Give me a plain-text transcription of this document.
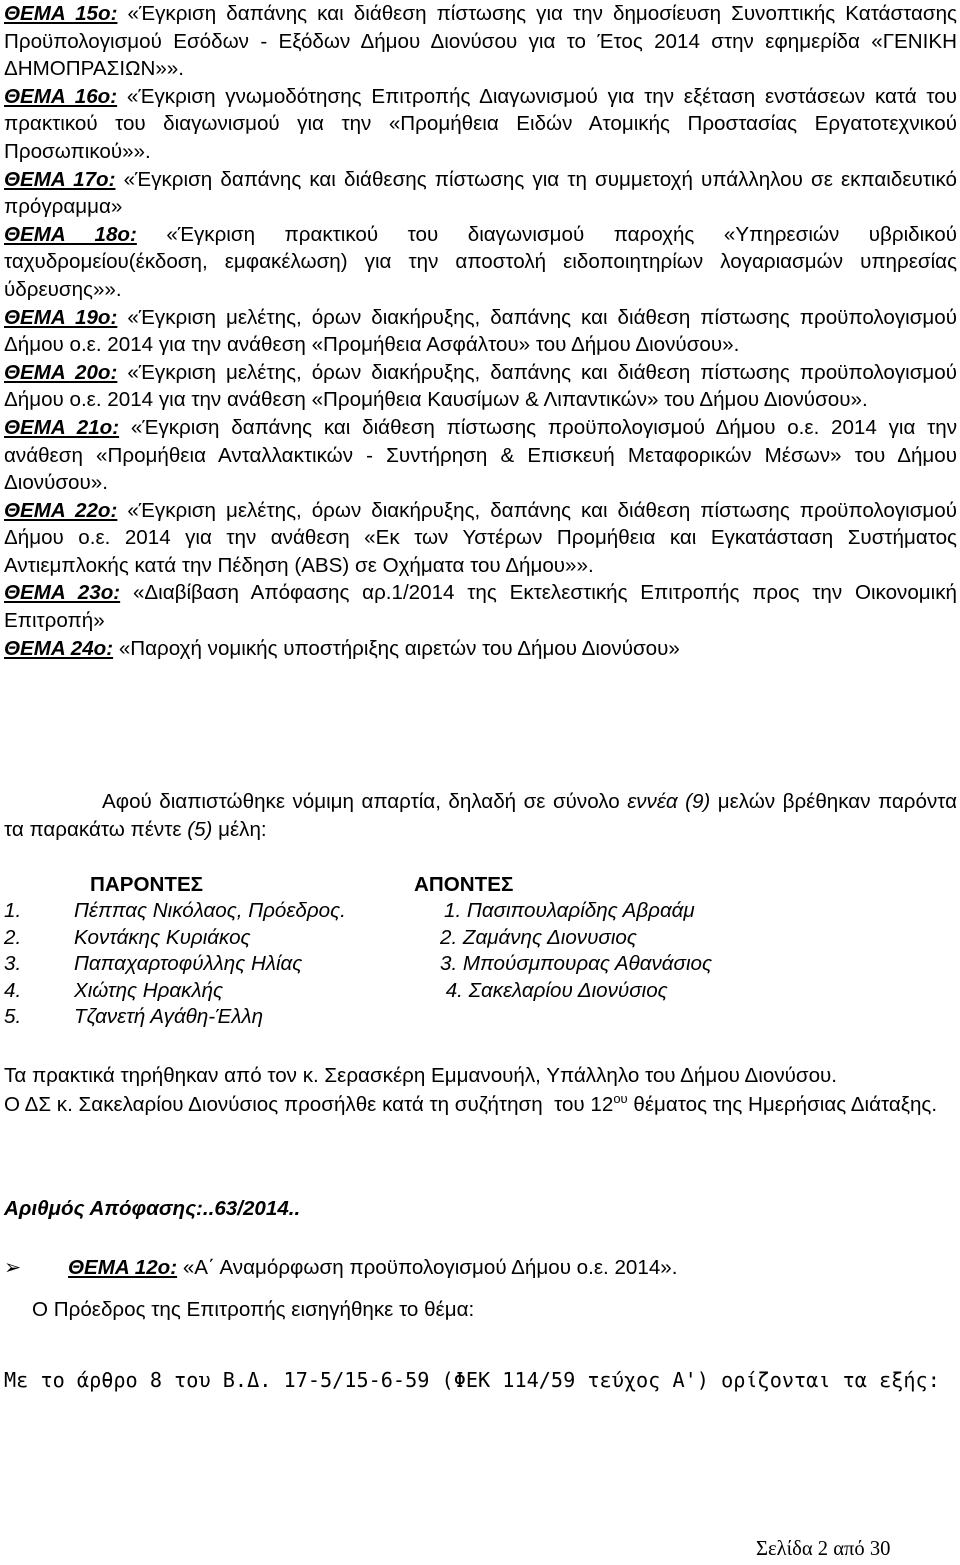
ΘΕΜΑ 15ο: «Έγκριση δαπάνης και διάθεση πίστωσης για την δημοσίευση Συνοπτικής Κατάστασης Προϋπολογισμού Εσόδων - Εξόδων Δήμου Διονύσου για το Έτος 2014 στην εφημερίδα «ΓΕΝΙΚΗ ΔΗΜΟΠΡΑΣΙΩΝ»».

ΘΕΜΑ 16ο: «Έγκριση γνωμοδότησης Επιτροπής Διαγωνισμού για την εξέταση ενστάσεων κατά του πρακτικού του διαγωνισμού για την «Προμήθεια Ειδών Ατομικής Προστασίας Εργατοτεχνικού Προσωπικού»».

ΘΕΜΑ 17ο: «Έγκριση δαπάνης και διάθεσης πίστωσης για τη συμμετοχή υπάλληλου σε εκπαιδευτικό πρόγραμμα»

ΘΕΜΑ 18ο: «Έγκριση πρακτικού του διαγωνισμού παροχής «Υπηρεσιών υβριδικού ταχυδρομείου(έκδοση, εμφακέλωση) για την αποστολή ειδοποιητηρίων λογαριασμών υπηρεσίας ύδρευσης»».

ΘΕΜΑ 19ο: «Έγκριση μελέτης, όρων διακήρυξης, δαπάνης και διάθεση πίστωσης προϋπολογισμού Δήμου ο.ε. 2014 για την ανάθεση «Προμήθεια Ασφάλτου» του Δήμου Διονύσου».

ΘΕΜΑ 20ο: «Έγκριση μελέτης, όρων διακήρυξης, δαπάνης και διάθεση πίστωσης προϋπολογισμού Δήμου ο.ε. 2014 για την ανάθεση «Προμήθεια Καυσίμων & Λιπαντικών» του Δήμου Διονύσου».

ΘΕΜΑ 21ο: «Έγκριση δαπάνης και διάθεση πίστωσης προϋπολογισμού Δήμου ο.ε. 2014 για την ανάθεση «Προμήθεια Ανταλλακτικών - Συντήρηση & Επισκευή Μεταφορικών Μέσων» του Δήμου Διονύσου».

ΘΕΜΑ 22ο: «Έγκριση μελέτης, όρων διακήρυξης, δαπάνης και διάθεση πίστωσης προϋπολογισμού Δήμου ο.ε. 2014 για την ανάθεση «Εκ των Υστέρων Προμήθεια και Εγκατάσταση Συστήματος Αντιεμπλοκής κατά την Πέδηση (ABS) σε Οχήματα του Δήμου»».

ΘΕΜΑ 23ο: «Διαβίβαση Απόφασης αρ.1/2014 της Εκτελεστικής Επιτροπής προς την Οικονομική Επιτροπή»

ΘΕΜΑ 24ο: «Παροχή νομικής υποστήριξης αιρετών του Δήμου Διονύσου»

Αφού διαπιστώθηκε νόμιμη απαρτία, δηλαδή σε σύνολο εννέα (9) μελών βρέθηκαν παρόντα τα παρακάτω πέντε (5) μέλη:

ΠΑΡΟΝΤΕΣ	ΑΠΟΝΤΕΣ
1.	Πέππας Νικόλαος, Πρόεδρος.	1. Πασιπουλαρίδης Αβραάμ
2.	Κοντάκης Κυριάκος	2. Ζαμάνης Διονυσιος
3.	Παπαχαρτοφύλλης Ηλίας	3. Μπούσμπουρας Αθανάσιος
4.	Χιώτης Ηρακλής	4. Σακελαρίου Διονύσιος
5.	Τζανετή Αγάθη-Έλλη

Τα πρακτικά τηρήθηκαν από τον κ. Σερασκέρη Εμμανουήλ, Υπάλληλο του Δήμου Διονύσου.

Ο ΔΣ κ. Σακελαρίου Διονύσιος προσήλθε κατά τη συζήτηση  του $12^{o\upsilon}$ θέματος της Ημερήσιας Διάταξης.

Αριθμός Απόφασης:..63/2014..
➢ ΘΕΜΑ 12ο: «Α΄ Αναμόρφωση προϋπολογισμού Δήμου ο.ε. 2014».
Ο Πρόεδρος της Επιτροπής εισηγήθηκε το θέμα:

Με το άρθρο 8 του Β.Δ. 17-5/15-6-59 (ΦΕΚ 114/59 τεύχος Α') ορίζονται τα εξής:

Σελίδα 2 από 30
